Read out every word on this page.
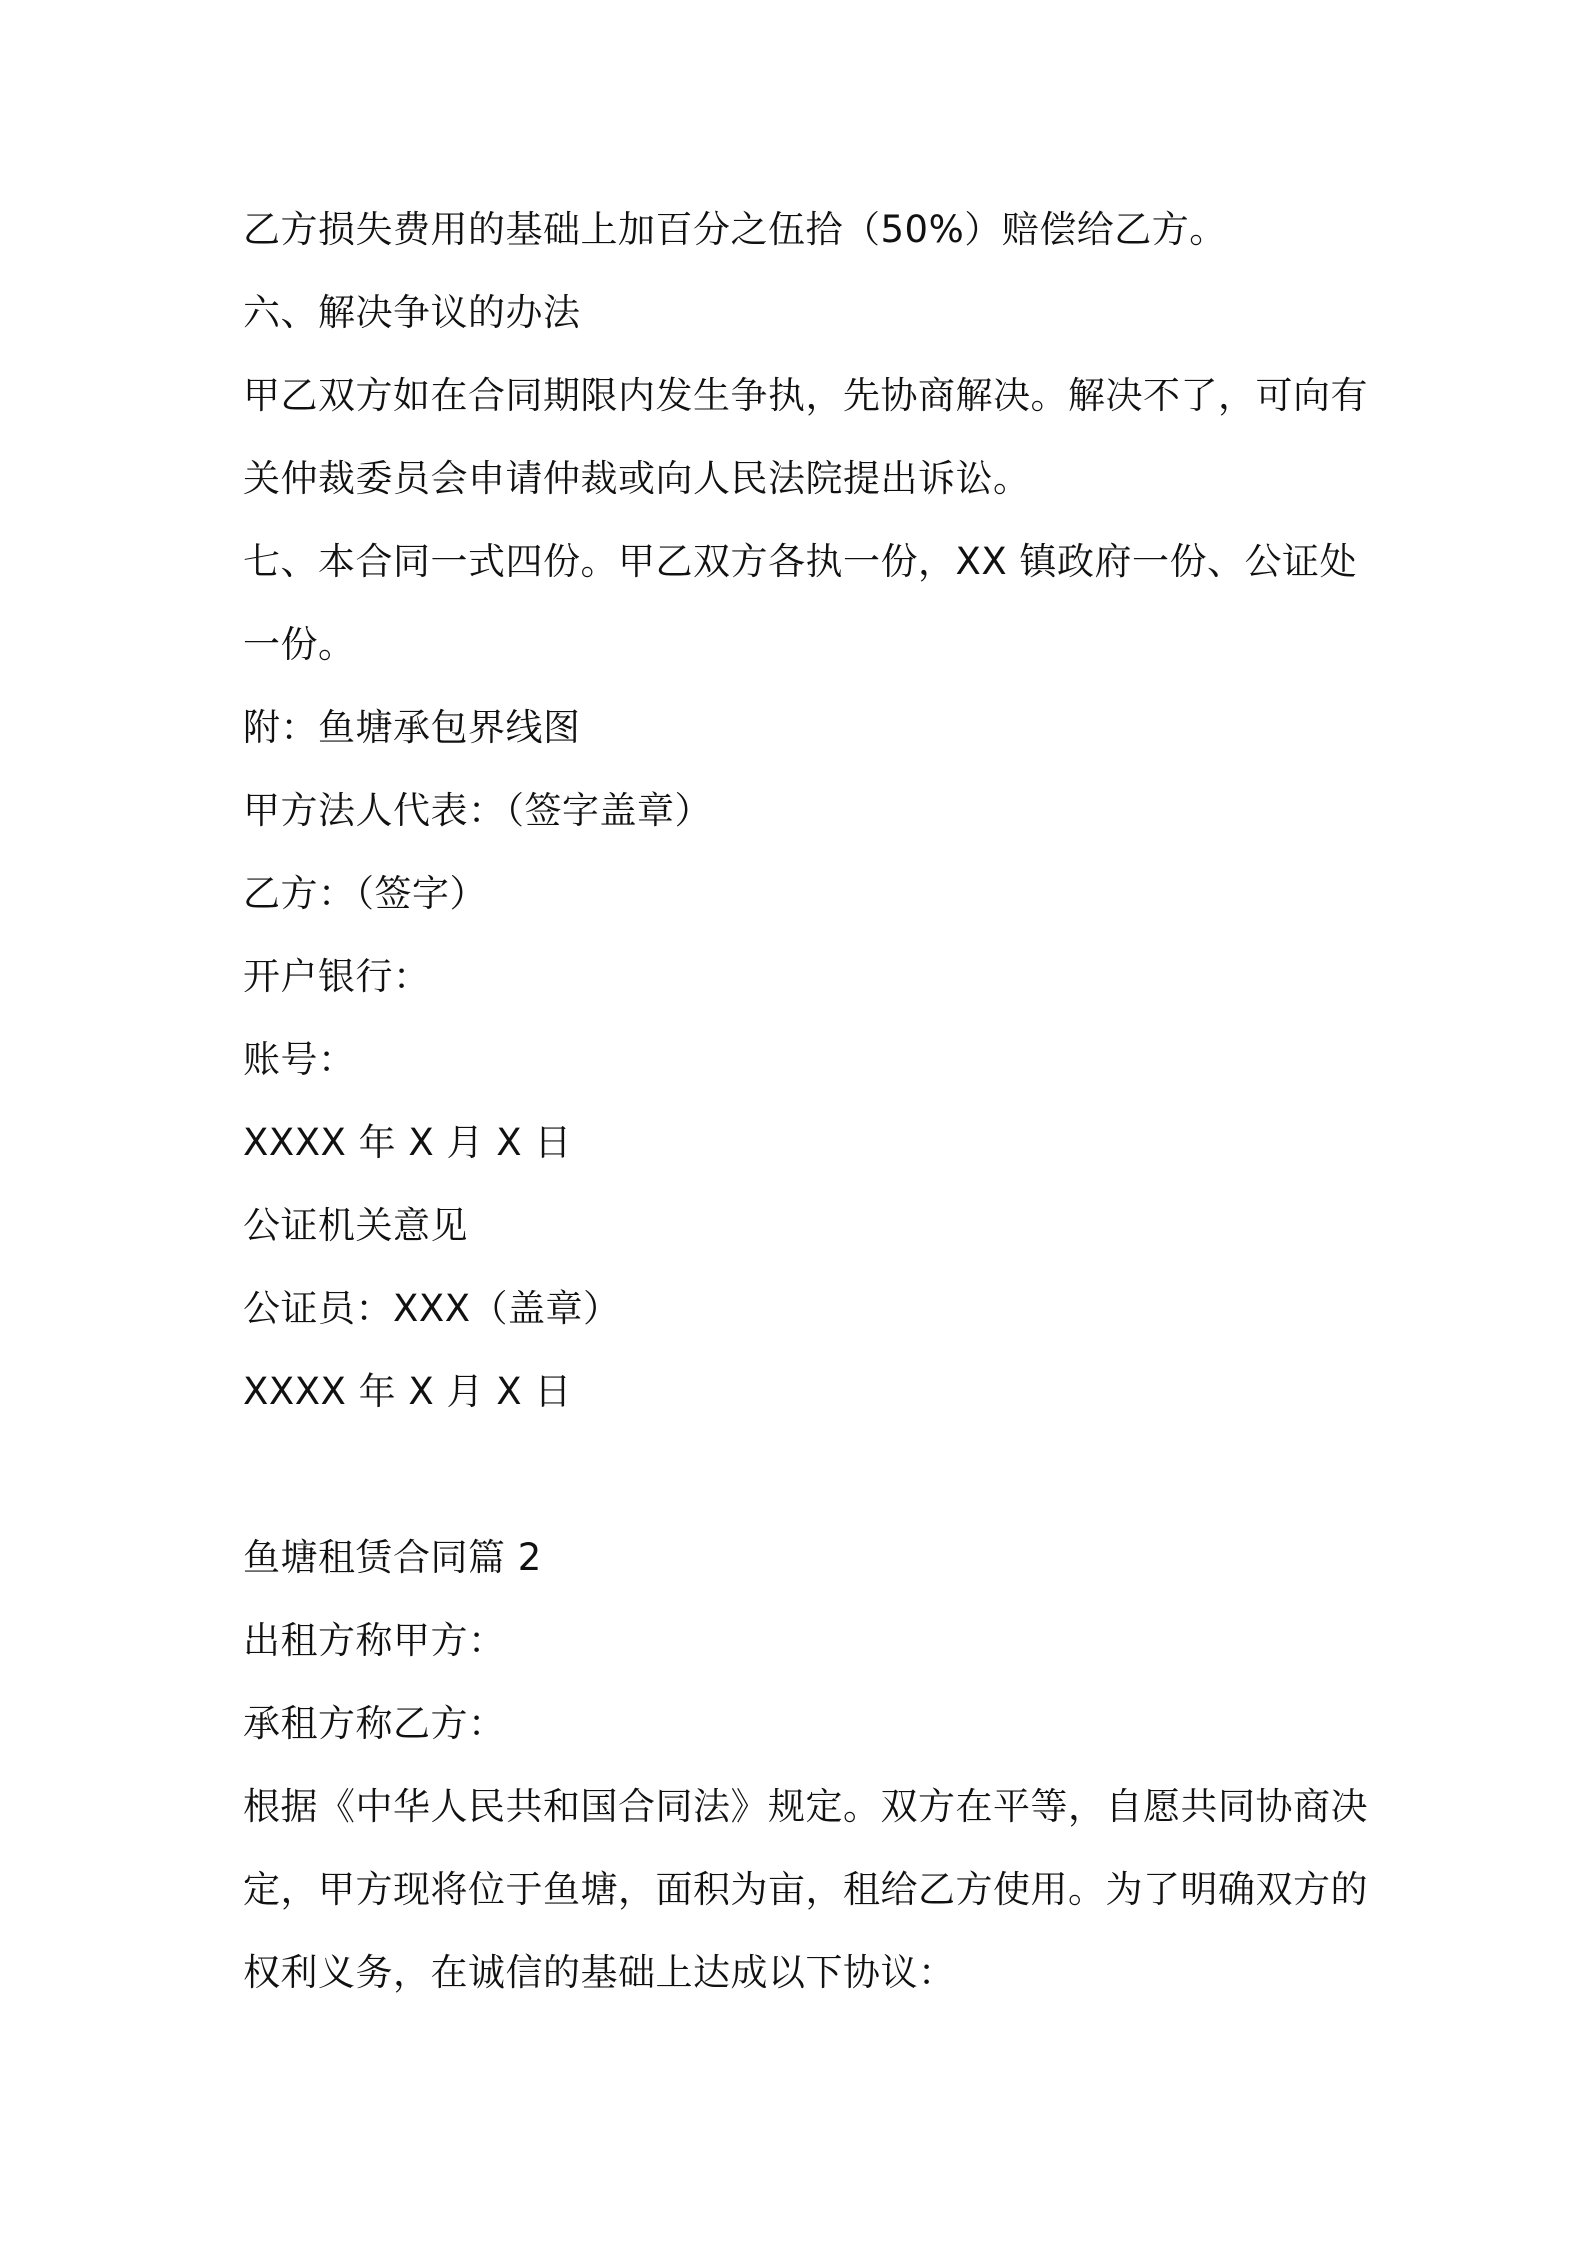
乙方损失费用的基础上加百分之伍拾（50%）赔偿给乙方。
六、解决争议的办法
甲乙双方如在合同期限内发生争执，先协商解决。解决不了，可向有
关仲裁委员会申请仲裁或向人民法院提出诉讼。
七、本合同一式四份。甲乙双方各执一份，XX 镇政府一份、公证处
一份。
附：鱼塘承包界线图
甲方法人代表：（签字盖章）
乙方：（签字）
开户银行：
账号：
XXXX 年 X 月 X 日
公证机关意见
公证员：XXX（盖章）
XXXX 年 X 月 X 日
鱼塘租赁合同篇 2
出租方称甲方：
承租方称乙方：
根据《中华人民共和国合同法》规定。双方在平等，自愿共同协商决
定，甲方现将位于鱼塘，面积为亩，租给乙方使用。为了明确双方的
权利义务，在诚信的基础上达成以下协议：
